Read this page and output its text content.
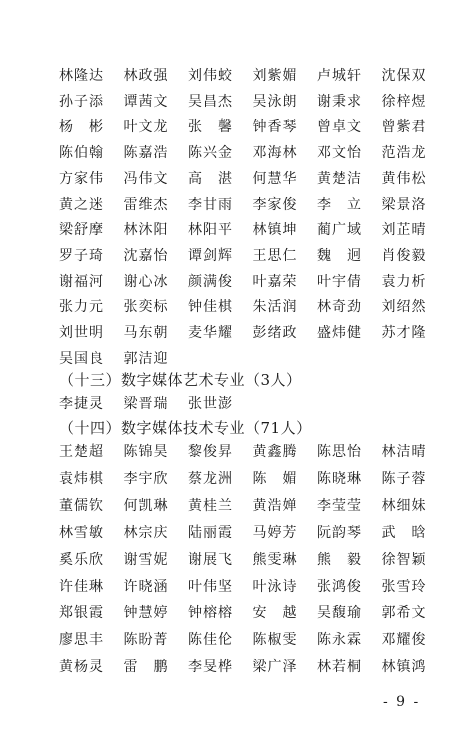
林隆达	林政强	刘伟蛟	刘紫媚	卢城轩	沈保双
孙子添	谭茜文	吴昌杰	吴泳朗	谢秉求	徐梓煜
杨　彬	叶文龙	张　馨	钟香琴	曾卓文	曾紫君
陈伯翰	陈嘉浩	陈兴金	邓海林	邓文怡	范浩龙
方家伟	冯伟文	高　湛	何慧华	黄楚洁	黄伟松
黄之迷	雷维杰	李甘雨	李家俊	李　立	梁景洛
梁舒摩	林沐阳	林阳平	林镇坤	蔺广域	刘芷晴
罗子琦	沈嘉怡	谭剑辉	王思仁	魏　迥	肖俊毅
谢福河	谢心冰	颜满俊	叶嘉荣	叶宇倩	袁力析
张力元	张奕标	钟佳棋	朱活润	林奇劲	刘绍然
刘世明	马东朝	麦华耀	彭绪政	盛炜健	苏才隆
吴国良	郭洁迎
（十三）数字媒体艺术专业（3人）
李捷灵	梁晋瑞	张世澎
（十四）数字媒体技术专业（71人）
王楚超	陈锦昊	黎俊昇	黄鑫腾	陈思怡	林洁晴
袁炜棋	李宇欣	蔡龙洲	陈　媚	陈晓琳	陈子蓉
董儒钦	何凯琳	黄桂兰	黄浩婵	李莹莹	林细妹
林雪敏	林宗庆	陆丽霞	马婷芳	阮韵琴	武　晗
奚乐欣	谢雪妮	谢展飞	熊雯琳	熊　毅	徐智颖
许佳琳	许晓涵	叶伟坚	叶泳诗	张鸿俊	张雪玲
郑银霞	钟慧婷	钟榕榕	安　越	吴馥瑜	郭希文
廖思丰	陈盼菁	陈佳伦	陈椒雯	陈永霖	邓耀俊
黄杨灵	雷　鹏	李旻桦	梁广泽	林若桐	林镇鸿
- 9 -
